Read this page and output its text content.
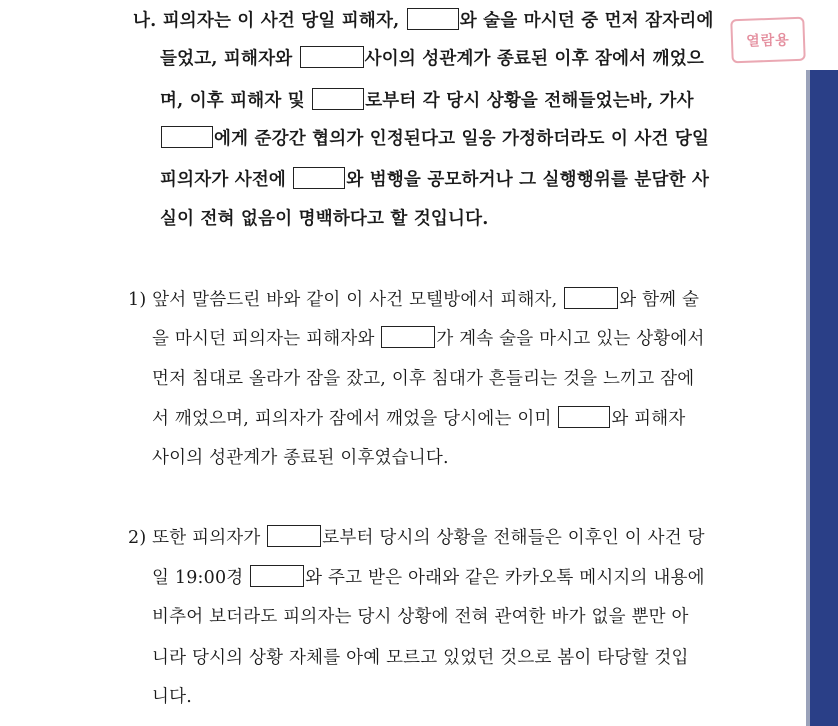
나. 피의자는 이 사건 당일 피해자,	와 술을 마시던 중 먼저 잠자리에
들었고, 피해자와	사이의 성관계가 종료된 이후 잠에서 깨었으
며, 이후 피해자 및	로부터 각 당시 상황을 전해들었는바, 가사
에게 준강간 협의가 인정된다고 일응 가정하더라도 이 사건 당일
피의자가 사전에	와 범행을 공모하거나 그 실행행위를 분담한 사
실이 전혀 없음이 명백하다고 할 것입니다.
1) 앞서 말씀드린 바와 같이 이 사건 모텔방에서 피해자,	와 함께 술
을 마시던 피의자는 피해자와	가 계속 술을 마시고 있는 상황에서
먼저 침대로 올라가 잠을 잤고, 이후 침대가 흔들리는 것을 느끼고 잠에
서 깨었으며, 피의자가 잠에서 깨었을 당시에는 이미	와 피해자
사이의 성관계가 종료된 이후였습니다.
2) 또한 피의자가	로부터 당시의 상황을 전해들은 이후인 이 사건 당
일 19:00경	와 주고 받은 아래와 같은 카카오톡 메시지의 내용에
비추어 보더라도 피의자는 당시 상황에 전혀 관여한 바가 없을 뿐만 아
니라 당시의 상황 자체를 아예 모르고 있었던 것으로 봄이 타당할 것입
니다.
열람용
